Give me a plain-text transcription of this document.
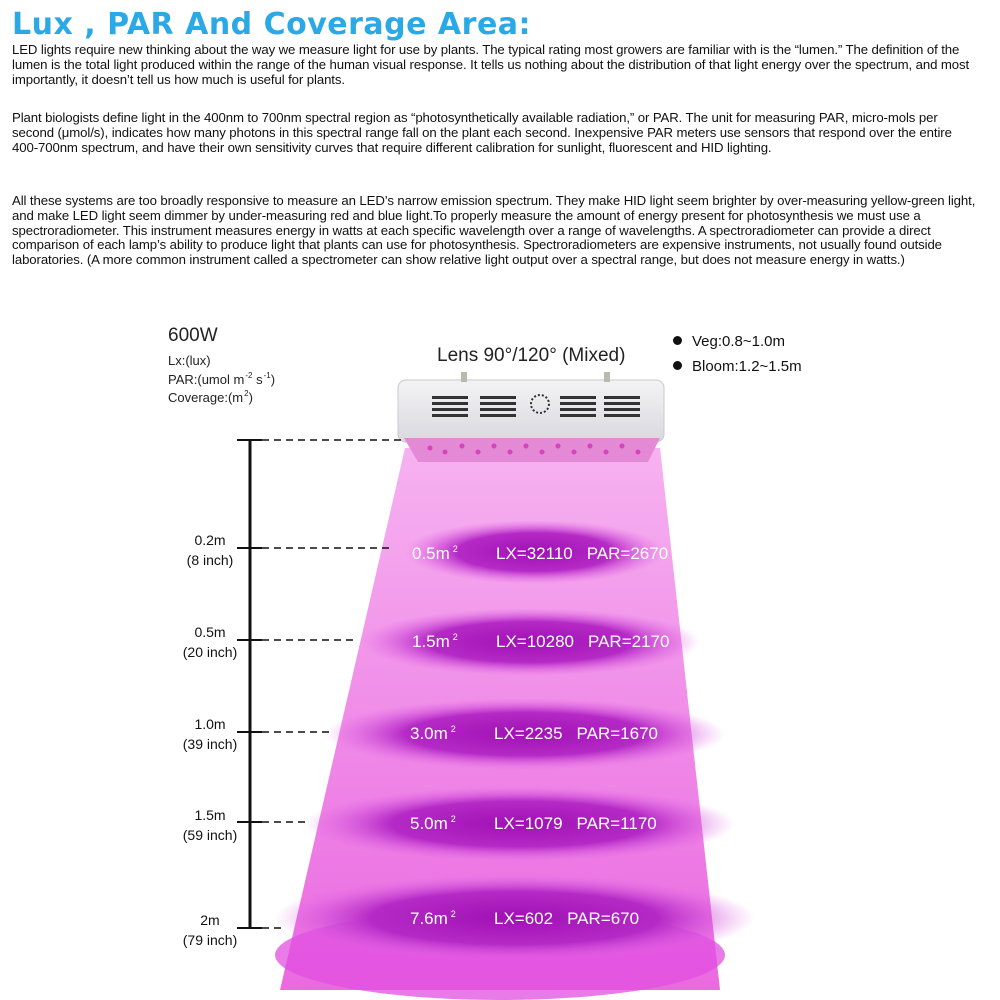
Lux , PAR And Coverage Area:

LED lights require new thinking about the way we measure light for use by plants. The typical rating most growers are familiar with is the “lumen.” The definition of the lumen is the total light produced within the range of the human visual response. It tells us nothing about the distribution of that light energy over the spectrum, and most importantly, it doesn’t tell us how much is useful for plants.

Plant biologists define light in the 400nm to 700nm spectral region as “photosynthetically available radiation,” or PAR. The unit for measuring PAR, micro-mols per second (μmol/s), indicates how many photons in this spectral range fall on the plant each second. Inexpensive PAR meters use sensors that respond over the entire 400-700nm spectrum, and have their own sensitivity curves that require different calibration for sunlight, fluorescent and HID lighting.

All these systems are too broadly responsive to measure an LED’s narrow emission spectrum. They make HID light seem brighter by over-measuring yellow-green light, and make LED light seem dimmer by under-measuring red and blue light.To properly measure the amount of energy present for photosynthesis we must use a spectroradiometer. This instrument measures energy in watts at each specific wavelength over a range of wavelengths. A spectroradiometer can provide a direct comparison of each lamp’s ability to produce light that plants can use for photosynthesis. Spectroradiometers are expensive instruments, not usually found outside laboratories. (A more common instrument called a spectrometer can show relative light output over a spectral range, but does not measure energy in watts.)

600W
Lx:(lux)
PAR:(umol $m^{-2}$ $s^{-1}$)
$Coverage:(m^2)$
Lens 90°/120° (Mixed)
Veg:0.8~1.0m
Bloom:1.2~1.5m
0.2m
(8 inch)
0.5m
(20 inch)
1.0m
(39 inch)
1.5m
(59 inch)
2m
(79 inch)
0.5m $^2$ LX=32110 PAR=2670
1.5m $^2$ LX=10280 PAR=2170
3.0m $^2$ LX=2235 PAR=1670
5.0m $^2$ LX=1079 PAR=1170
7.6m $^2$ LX=602 PAR=670
